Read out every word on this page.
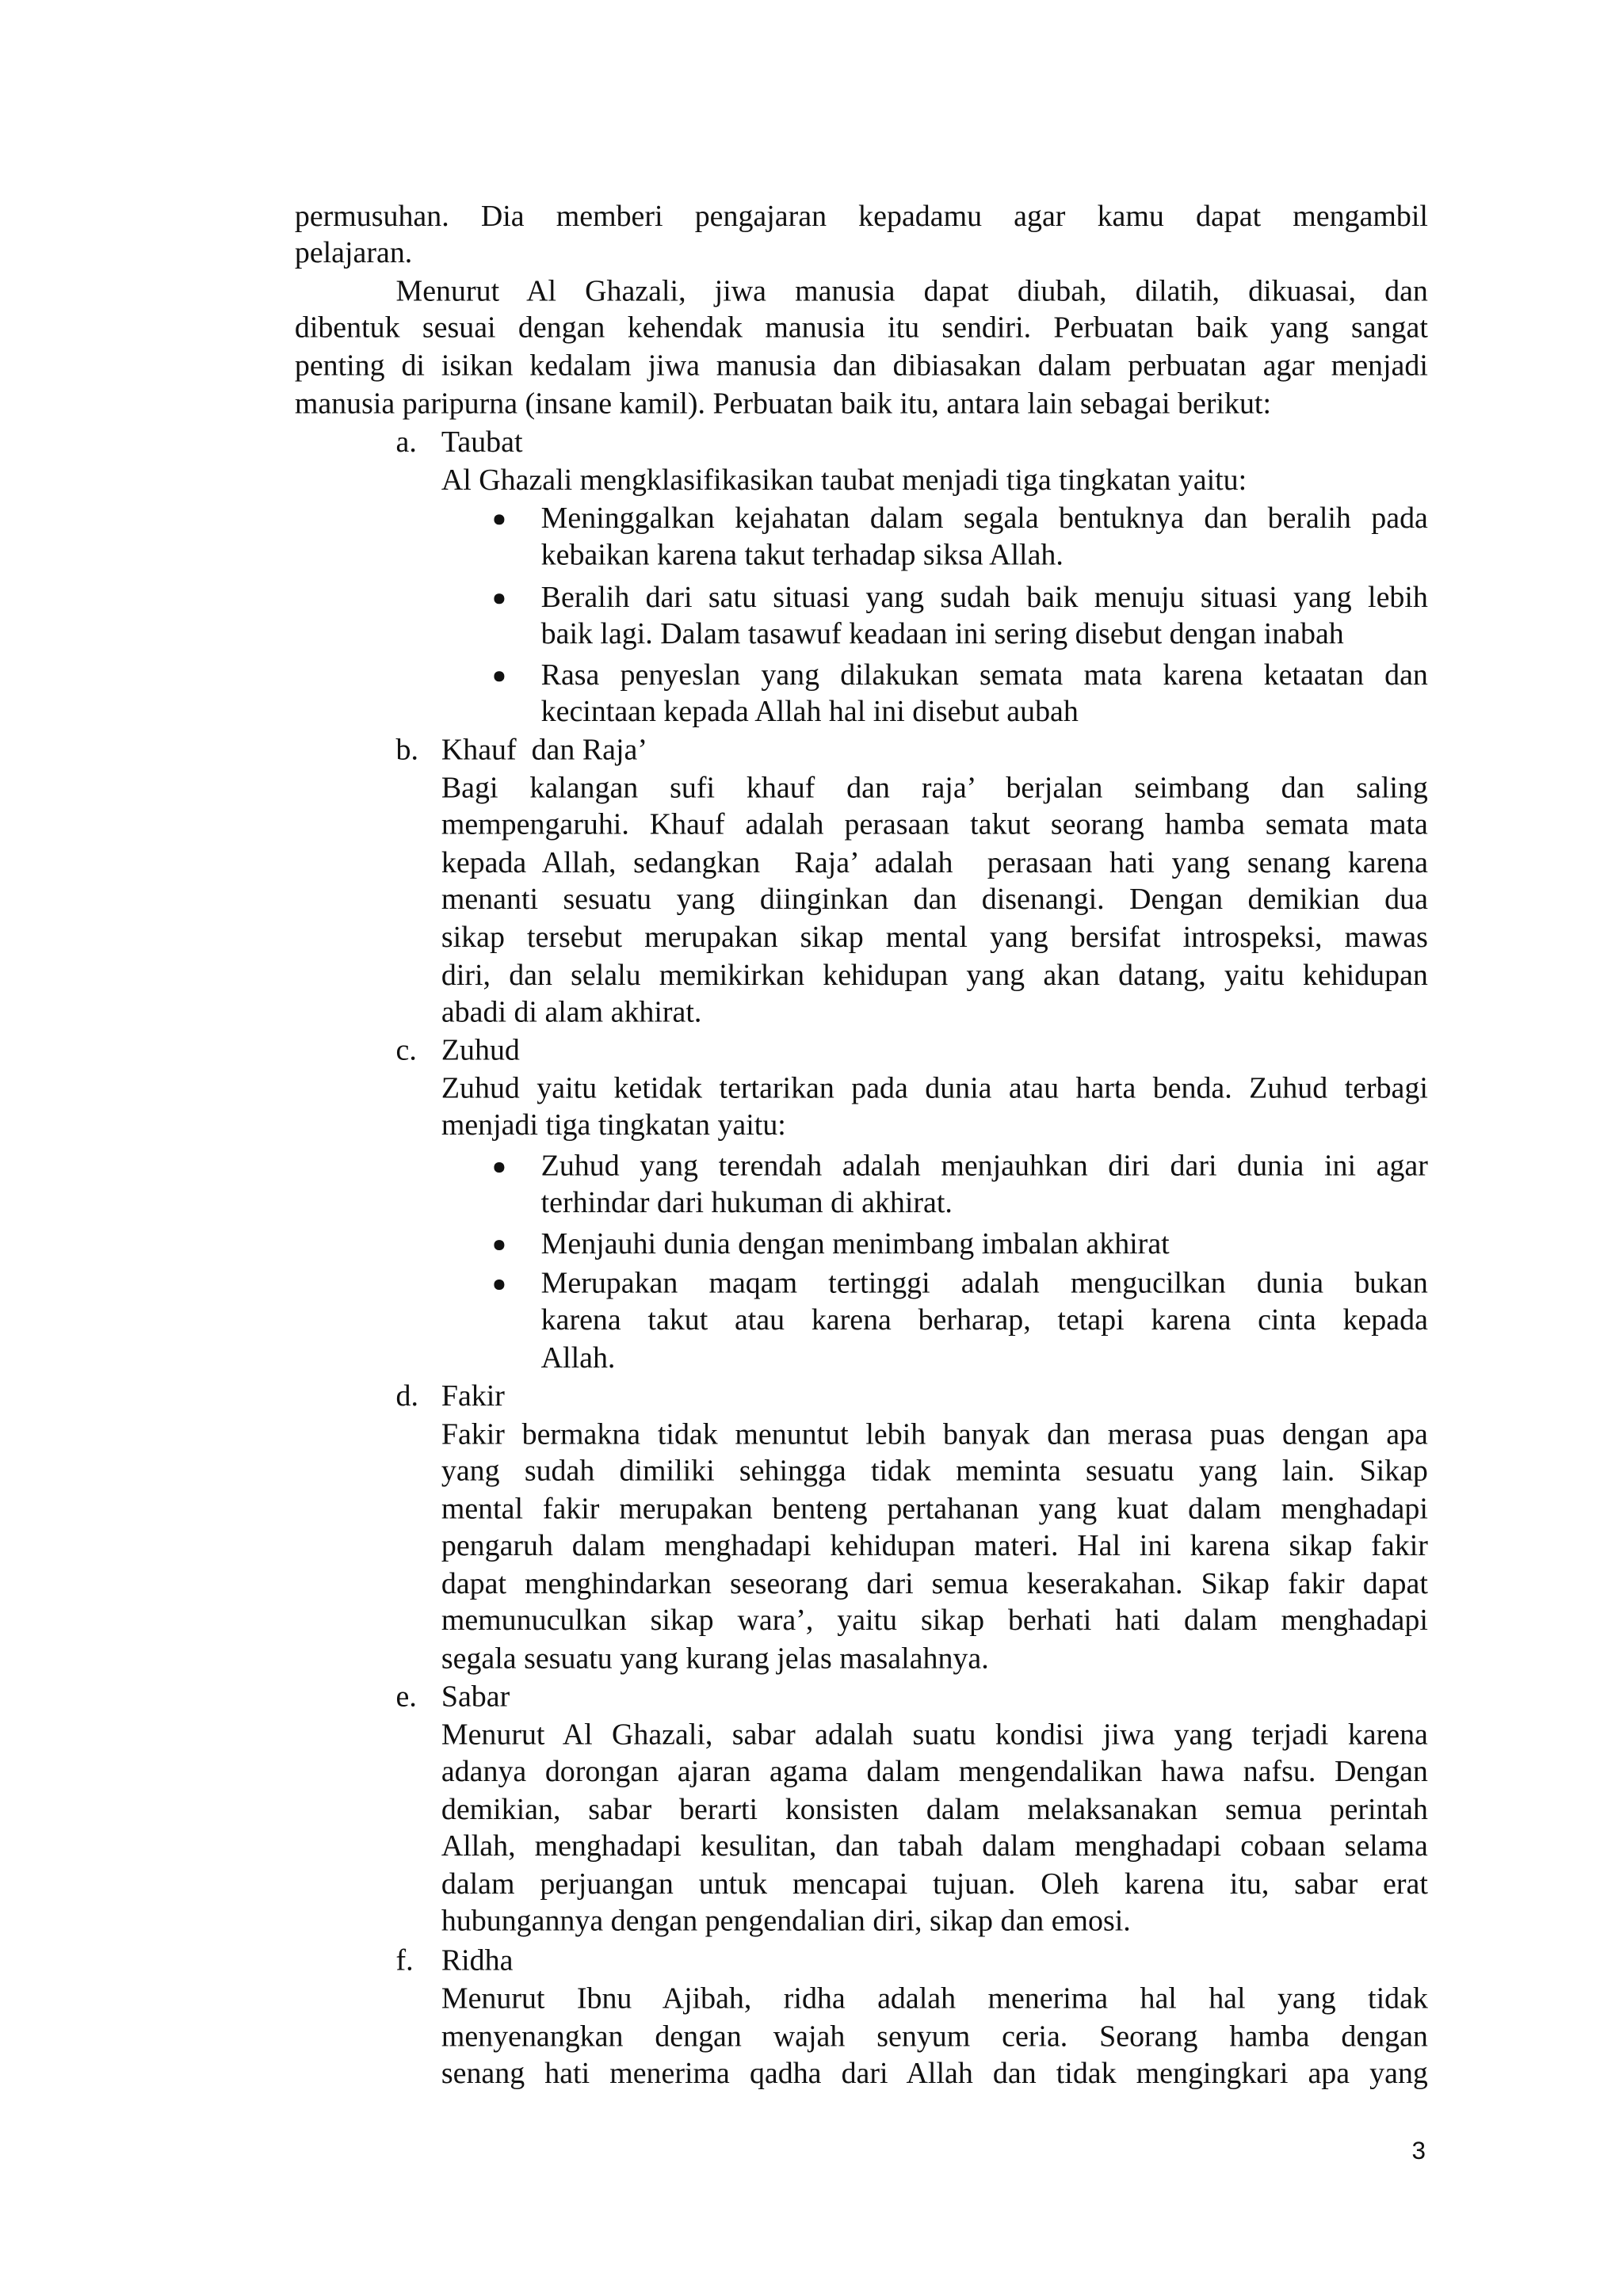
permusuhan. Dia memberi pengajaran kepadamu agar kamu dapat mengambil
pelajaran.
Menurut Al Ghazali, jiwa manusia dapat diubah, dilatih, dikuasai, dan
dibentuk sesuai dengan kehendak manusia itu sendiri. Perbuatan baik yang sangat
penting di isikan kedalam jiwa manusia dan dibiasakan dalam perbuatan agar menjadi
manusia paripurna (insane kamil). Perbuatan baik itu, antara lain sebagai berikut:
a. Taubat
Al Ghazali mengklasifikasikan taubat menjadi tiga tingkatan yaitu:
Meninggalkan kejahatan dalam segala bentuknya dan beralih pada
kebaikan karena takut terhadap siksa Allah.
Beralih dari satu situasi yang sudah baik menuju situasi yang lebih
baik lagi. Dalam tasawuf keadaan ini sering disebut dengan inabah
Rasa penyeslan yang dilakukan semata mata karena ketaatan dan
kecintaan kepada Allah hal ini disebut aubah
b. Khauf  dan Raja’
Bagi kalangan sufi khauf dan raja’ berjalan seimbang dan saling
mempengaruhi. Khauf adalah perasaan takut seorang hamba semata mata
kepada Allah, sedangkan  Raja’ adalah  perasaan hati yang senang karena
menanti sesuatu yang diinginkan dan disenangi. Dengan demikian dua
sikap tersebut merupakan sikap mental yang bersifat introspeksi, mawas
diri, dan selalu memikirkan kehidupan yang akan datang, yaitu kehidupan
abadi di alam akhirat.
c. Zuhud
Zuhud yaitu ketidak tertarikan pada dunia atau harta benda. Zuhud terbagi
menjadi tiga tingkatan yaitu:
Zuhud yang terendah adalah menjauhkan diri dari dunia ini agar
terhindar dari hukuman di akhirat.
Menjauhi dunia dengan menimbang imbalan akhirat
Merupakan maqam tertinggi adalah mengucilkan dunia bukan
karena takut atau karena berharap, tetapi karena cinta kepada
Allah.
d. Fakir
Fakir bermakna tidak menuntut lebih banyak dan merasa puas dengan apa
yang sudah dimiliki sehingga tidak meminta sesuatu yang lain. Sikap
mental fakir merupakan benteng pertahanan yang kuat dalam menghadapi
pengaruh dalam menghadapi kehidupan materi. Hal ini karena sikap fakir
dapat menghindarkan seseorang dari semua keserakahan. Sikap fakir dapat
memunuculkan sikap wara’, yaitu sikap berhati hati dalam menghadapi
segala sesuatu yang kurang jelas masalahnya.
e. Sabar
Menurut Al Ghazali, sabar adalah suatu kondisi jiwa yang terjadi karena
adanya dorongan ajaran agama dalam mengendalikan hawa nafsu. Dengan
demikian, sabar berarti konsisten dalam melaksanakan semua perintah
Allah, menghadapi kesulitan, dan tabah dalam menghadapi cobaan selama
dalam perjuangan untuk mencapai tujuan. Oleh karena itu, sabar erat
hubungannya dengan pengendalian diri, sikap dan emosi.
f. Ridha
Menurut Ibnu Ajibah, ridha adalah menerima hal hal yang tidak
menyenangkan dengan wajah senyum ceria. Seorang hamba dengan
senang hati menerima qadha dari Allah dan tidak mengingkari apa yang
3
